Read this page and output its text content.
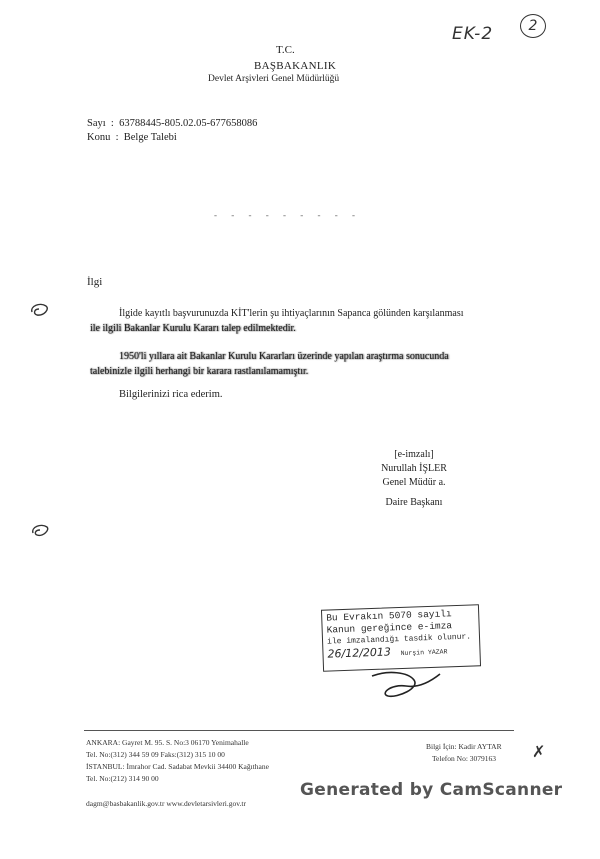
EK-2	2
T.C.
BAŞBAKANLIK
Devlet Arşivleri Genel Müdürlüğü
Sayı  :  63788445-805.02.05-677658086
Konu  :  Belge Talebi
- - - - - - - - -
İlgi
İlgide kayıtlı başvurunuzda KİT'lerin şu ihtiyaçlarının Sapanca gölünden karşılanması
ile ilgili Bakanlar Kurulu Kararı talep edilmektedir.
1950'li yıllara ait Bakanlar Kurulu Kararları üzerinde yapılan araştırma sonucunda
talebinizle ilgili herhangi bir karara rastlanılamamıştır.
Bilgilerinizi rica ederim.
[e-imzalı]
Nurullah İŞLER
Genel Müdür a.
Daire Başkanı
Bu Evrakın 5070 sayılı
Kanun gereğince e-imza
ile imzalandığı tasdik olunur.
26/12/2013 Nurşin YAZAR
ANKARA: Gayret M. 95. S. No:3 06170 Yenimahalle
Tel. No:(312) 344 59 09 Faks:(312) 315 10 00
İSTANBUL: İmrahor Cad. Sadabat Mevkii 34400 Kağıthane
Tel. No:(212) 314 90 00
dagm@basbakanlik.gov.tr www.devletarsivleri.gov.tr
Bilgi İçin: Kadir AYTAR
Telefon No: 3079163 ✗
Generated by CamScanner
